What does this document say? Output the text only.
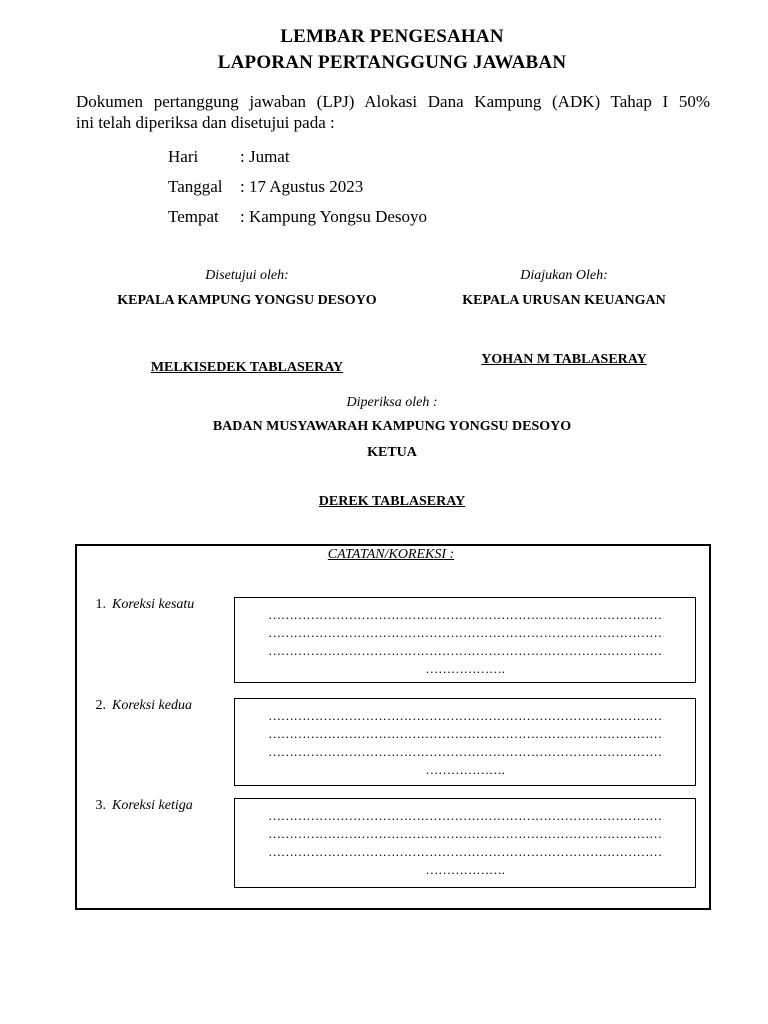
LEMBAR PENGESAHAN
LAPORAN PERTANGGUNG JAWABAN
Dokumen pertanggung jawaban (LPJ) Alokasi Dana Kampung (ADK) Tahap I 50%
ini telah diperiksa dan disetujui pada :
Hari : Jumat
Tanggal : 17 Agustus 2023
Tempat : Kampung Yongsu Desoyo
Disetujui oleh:	Diajukan Oleh:
KEPALA KAMPUNG YONGSU DESOYO	KEPALA URUSAN KEUANGAN
MELKISEDEK TABLASERAY
YOHAN M TABLASERAY
Diperiksa oleh :
BADAN MUSYAWARAH KAMPUNG YONGSU DESOYO
KETUA
DEREK TABLASERAY
CATATAN/KOREKSI :
1. Koreksi kesatu
…………………………………………………………………………………
…………………………………………………………………………………
…………………………………………………………………………………
……………….
2. Koreksi kedua
…………………………………………………………………………………
…………………………………………………………………………………
…………………………………………………………………………………
……………….
3. Koreksi ketiga
…………………………………………………………………………………
…………………………………………………………………………………
…………………………………………………………………………………
……………….
